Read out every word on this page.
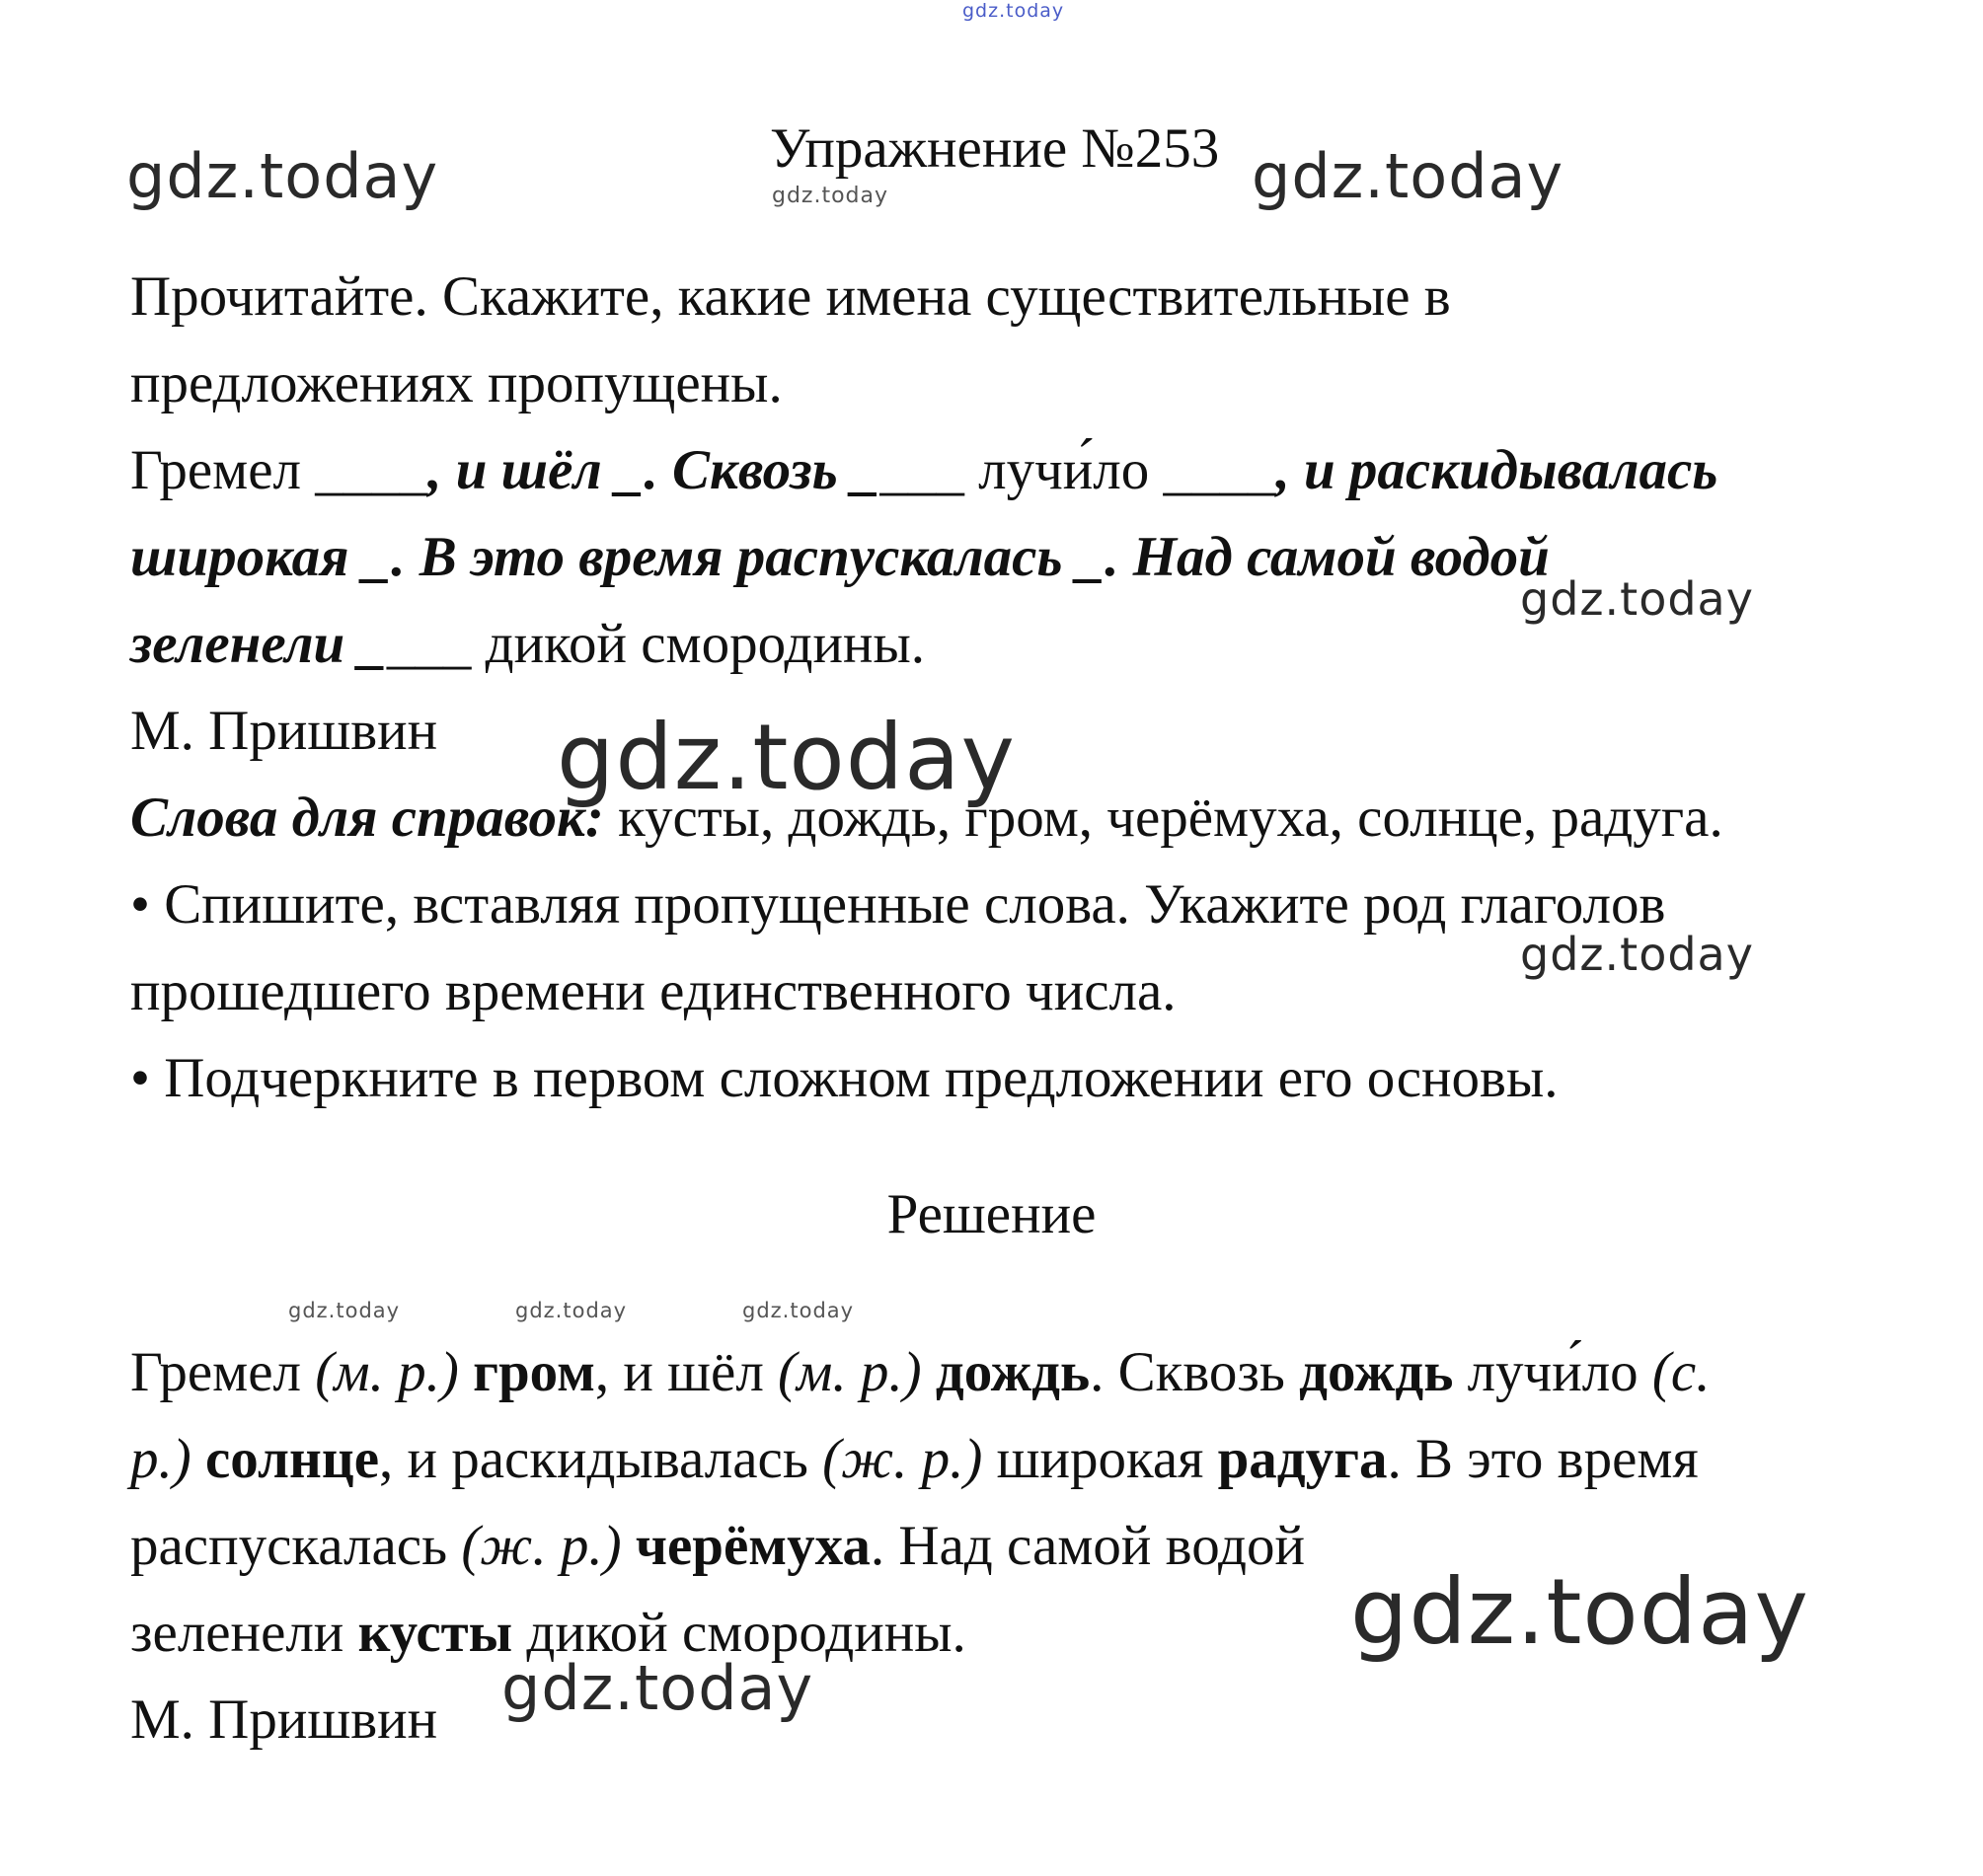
Упражнение №253
Прочитайте. Скажите, какие имена существительные в
предложениях пропущены.
Гремел ____, и шёл _. Сквозь ____ лучи́ло ____, и раскидывалась
широкая _. В это время распускалась _. Над самой водой
зеленели ____ дикой смородины.
М. Пришвин
Слова для справок: кусты, дождь, гром, черёмуха, солнце, радуга.
• Спишите, вставляя пропущенные слова. Укажите род глаголов
прошедшего времени единственного числа.
• Подчеркните в первом сложном предложении его основы.
Решение
Гремел (м. р.) гром, и шёл (м. р.) дождь. Сквозь дождь лучи́ло (с.
р.) солнце, и раскидывалась (ж. р.) широкая радуга. В это время
распускалась (ж. р.) черёмуха. Над самой водой
зеленели кусты дикой смородины.
М. Пришвин
gdz.today
gdz.today	gdz.today
gdz.today
gdz.today
gdz.today
gdz.today
gdz.today	gdz.today	gdz.today
gdz.today
gdz.today
